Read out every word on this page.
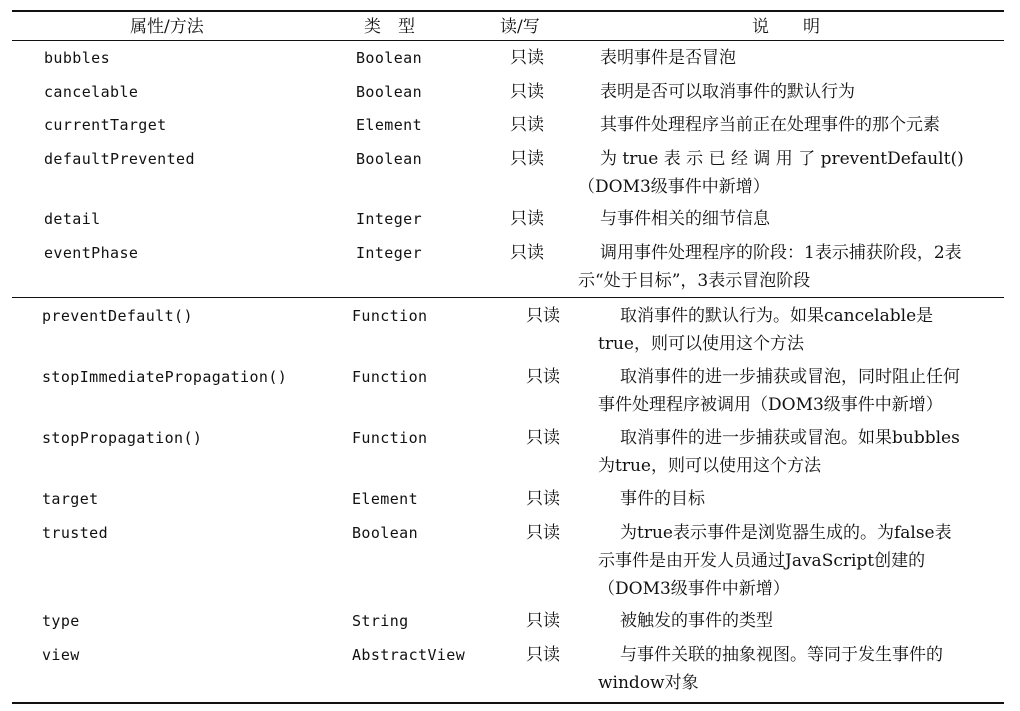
属性/方法	类　型	读/写	说　　明
bubbles	Boolean	只读	表明事件是否冒泡
cancelable	Boolean	只读	表明是否可以取消事件的默认行为
currentTarget	Element	只读	其事件处理程序当前正在处理事件的那个元素
defaultPrevented	Boolean	只读	为 true 表 示 已 经 调 用 了 preventDefault()
（DOM3级事件中新增）
detail	Integer	只读	与事件相关的细节信息
eventPhase	Integer	只读	调用事件处理程序的阶段：1表示捕获阶段，2表
示“处于目标”，3表示冒泡阶段
preventDefault()	Function	只读	取消事件的默认行为。如果cancelable是
true，则可以使用这个方法
stopImmediatePropagation()	Function	只读	取消事件的进一步捕获或冒泡，同时阻止任何
事件处理程序被调用（DOM3级事件中新增）
stopPropagation()	Function	只读	取消事件的进一步捕获或冒泡。如果bubbles
为true，则可以使用这个方法
target	Element	只读	事件的目标
trusted	Boolean	只读	为true表示事件是浏览器生成的。为false表
示事件是由开发人员通过JavaScript创建的
（DOM3级事件中新增）
type	String	只读	被触发的事件的类型
view	AbstractView	只读	与事件关联的抽象视图。等同于发生事件的
window对象
